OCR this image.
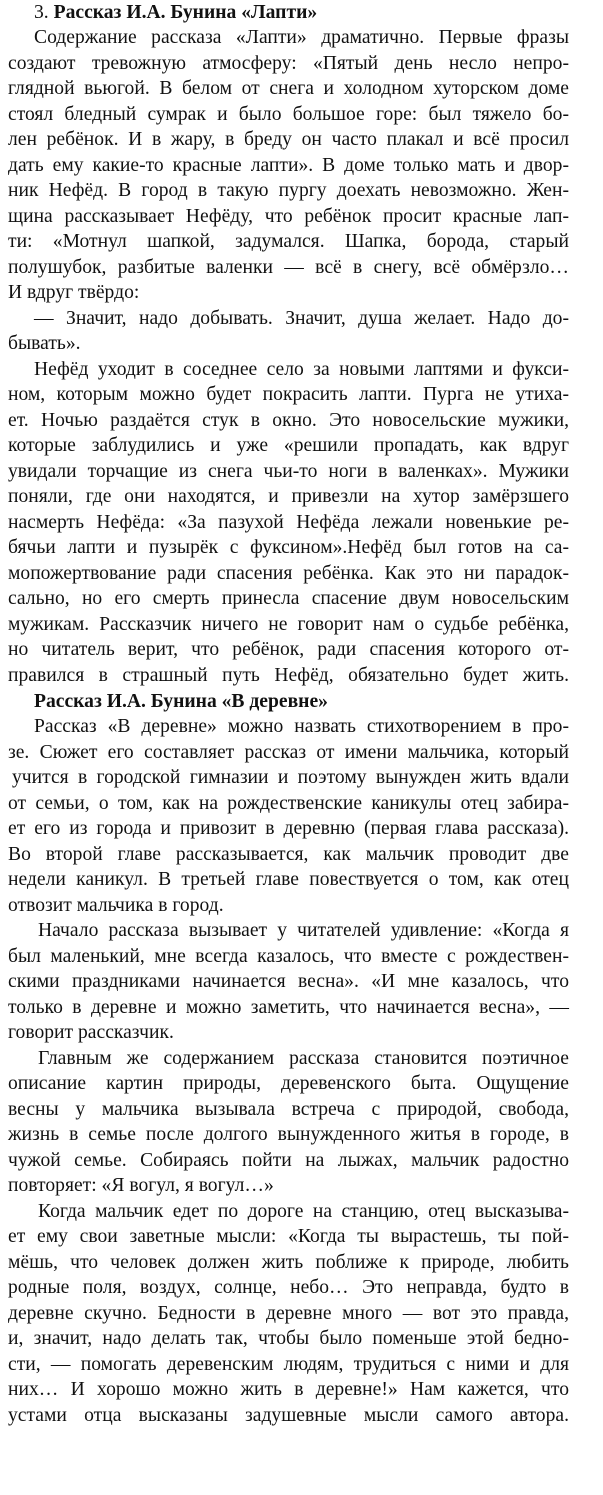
3. Рассказ И.А. Бунина «Лапти»
Содержание рассказа «Лапти» драматично. Первые фразы
создают тревожную атмосферу: «Пятый день несло непро-
глядной вьюгой. В белом от снега и холодном хуторском доме
стоял бледный сумрак и было большое горе: был тяжело бо-
лен ребёнок. И в жару, в бреду он часто плакал и всё просил
дать ему какие-то красные лапти». В доме только мать и двор-
ник Нефёд. В город в такую пургу доехать невозможно. Жен-
щина рассказывает Нефёду, что ребёнок просит красные лап-
ти: «Мотнул шапкой, задумался. Шапка, борода, старый
полушубок, разбитые валенки — всё в снегу, всё обмёрзло…
И вдруг твёрдо:
— Значит, надо добывать. Значит, душа желает. Надо до-
бывать».
Нефёд уходит в соседнее село за новыми лаптями и фукси-
ном, которым можно будет покрасить лапти. Пурга не утиха-
ет. Ночью раздаётся стук в окно. Это новосельские мужики,
которые заблудились и уже «решили пропадать, как вдруг
увидали торчащие из снега чьи-то ноги в валенках». Мужики
поняли, где они находятся, и привезли на хутор замёрзшего
насмерть Нефёда: «За пазухой Нефёда лежали новенькие ре-
бячьи лапти и пузырёк с фуксином».Нефёд был готов на са-
мопожертвование ради спасения ребёнка. Как это ни парадок-
сально, но его смерть принесла спасение двум новосельским
мужикам. Рассказчик ничего не говорит нам о судьбе ребёнка,
но читатель верит, что ребёнок, ради спасения которого от-
правился в страшный путь Нефёд, обязательно будет жить.
Рассказ И.А. Бунина «В деревне»
Рассказ «В деревне» можно назвать стихотворением в про-
зе. Сюжет его составляет рассказ от имени мальчика, который
учится в городской гимназии и поэтому вынужден жить вдали
от семьи, о том, как на рождественские каникулы отец забира-
ет его из города и привозит в деревню (первая глава рассказа).
Во второй главе рассказывается, как мальчик проводит две
недели каникул. В третьей главе повествуется о том, как отец
отвозит мальчика в город.
Начало рассказа вызывает у читателей удивление: «Когда я
был маленький, мне всегда казалось, что вместе с рождествен-
скими праздниками начинается весна». «И мне казалось, что
только в деревне и можно заметить, что начинается весна», —
говорит рассказчик.
Главным же содержанием рассказа становится поэтичное
описание картин природы, деревенского быта. Ощущение
весны у мальчика вызывала встреча с природой, свобода,
жизнь в семье после долгого вынужденного житья в городе, в
чужой семье. Собираясь пойти на лыжах, мальчик радостно
повторяет: «Я вогул, я вогул…»
Когда мальчик едет по дороге на станцию, отец высказыва-
ет ему свои заветные мысли: «Когда ты вырастешь, ты пой-
мёшь, что человек должен жить поближе к природе, любить
родные поля, воздух, солнце, небо… Это неправда, будто в
деревне скучно. Бедности в деревне много — вот это правда,
и, значит, надо делать так, чтобы было поменьше этой бедно-
сти, — помогать деревенским людям, трудиться с ними и для
них… И хорошо можно жить в деревне!» Нам кажется, что
устами отца высказаны задушевные мысли самого автора.
